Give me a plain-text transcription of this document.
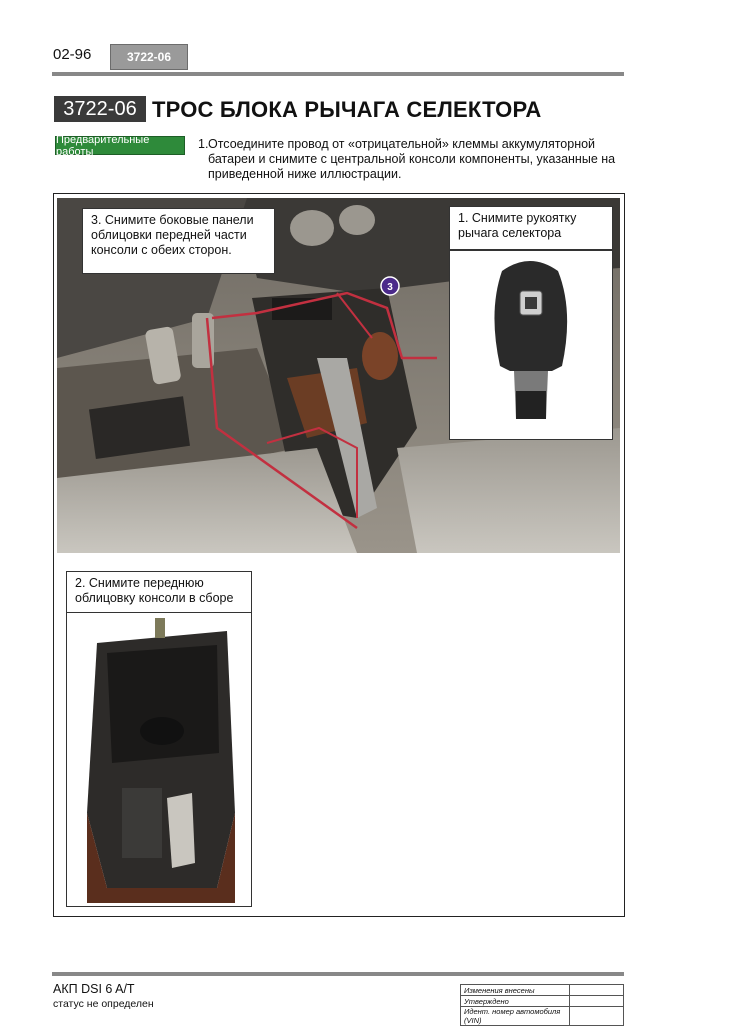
02-96	3722-06
3722-06
S G N
ТРОС БЛОКА РЫЧАГА СЕЛЕКТОРА
Предварительные работы
1. Отсоедините провод от «отрицательной» клеммы аккумуляторной батареи и снимите с центральной консоли компоненты, указанные на приведенной ниже иллюстрации.
3
3. Снимите боковые панели облицовки передней части консоли с обеих сторон.
1. Снимите рукоятку рычага селектора
2. Снимите переднюю облицовку консоли в сборе
АКП DSI 6 A/T
статус не определен
Изменения внесены	
Утверждено	
Идент. номер автомобиля (VIN)	
